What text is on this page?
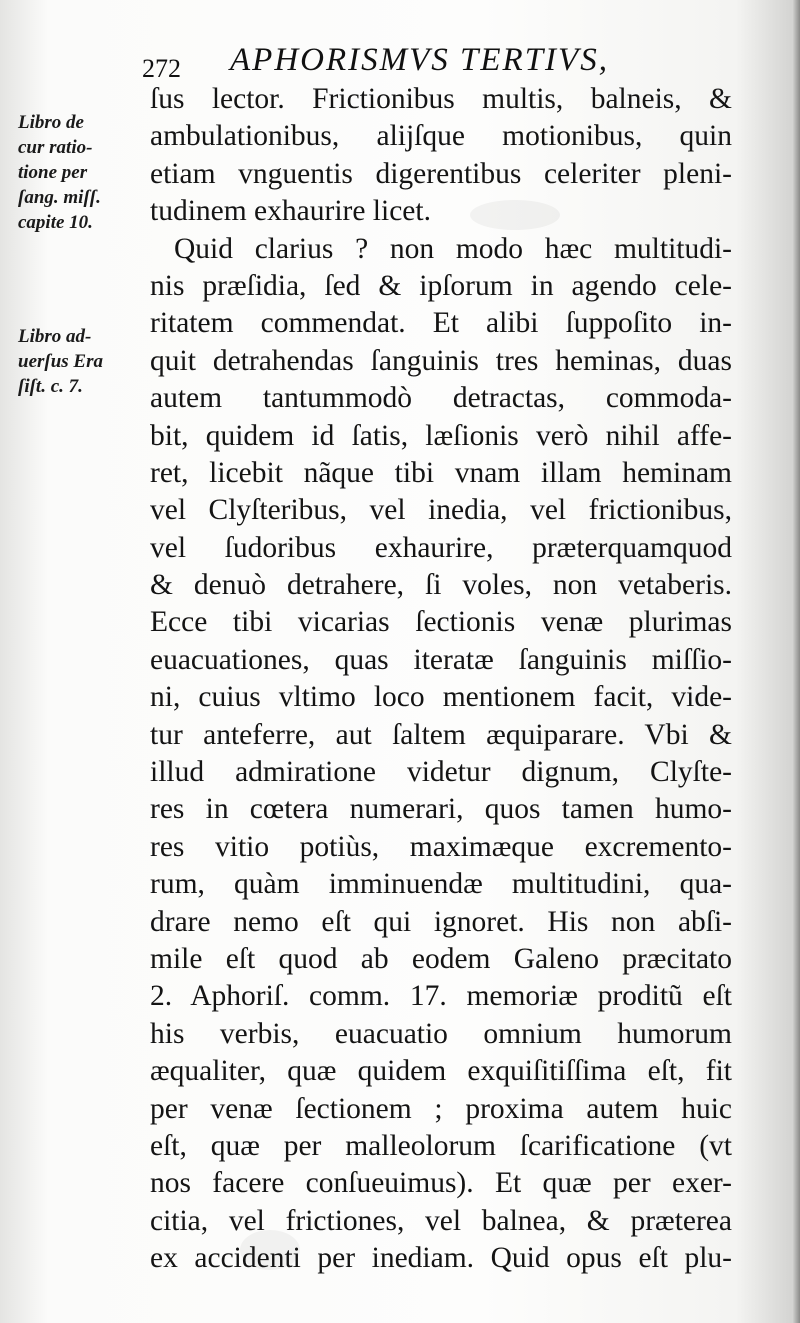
272 APHORISMVS TERTIVS,
Libro de
cur ratio-
tione per
ſang. miſſ.
capite 10.
Libro ad-
uerſus Era
ſiſt. c. 7.
ſus lector. Frictionibus multis, balneis, &
ambulationibus, alijſque motionibus, quin
etiam vnguentis digerentibus celeriter pleni-
tudinem exhaurire licet.
Quid clarius ? non modo hæc multitudi-
nis præſidia, ſed & ipſorum in agendo cele-
ritatem commendat. Et alibi ſuppoſito in-
quit detrahendas ſanguinis tres heminas, duas
autem tantummodò detractas, commoda-
bit, quidem id ſatis, læſionis verò nihil affe-
ret, licebit nãque tibi vnam illam heminam
vel Clyſteribus, vel inedia, vel frictionibus,
vel ſudoribus exhaurire, præterquamquod
& denuò detrahere, ſi voles, non vetaberis.
Ecce tibi vicarias ſectionis venæ plurimas
euacuationes, quas iteratæ ſanguinis miſſio-
ni, cuius vltimo loco mentionem facit, vide-
tur anteferre, aut ſaltem æquiparare. Vbi &
illud admiratione videtur dignum, Clyſte-
res in cœtera numerari, quos tamen humo-
res vitio potiùs, maximæque excremento-
rum, quàm imminuendæ multitudini, qua-
drare nemo eſt qui ignoret. His non abſi-
mile eſt quod ab eodem Galeno præcitato
2. Aphoriſ. comm. 17. memoriæ proditũ eſt
his verbis, euacuatio omnium humorum
æqualiter, quæ quidem exquiſitiſſima eſt, fit
per venæ ſectionem ; proxima autem huic
eſt, quæ per malleolorum ſcarificatione (vt
nos facere conſueuimus). Et quæ per exer-
citia, vel frictiones, vel balnea, & præterea
ex accidenti per inediam. Quid opus eſt plu-
